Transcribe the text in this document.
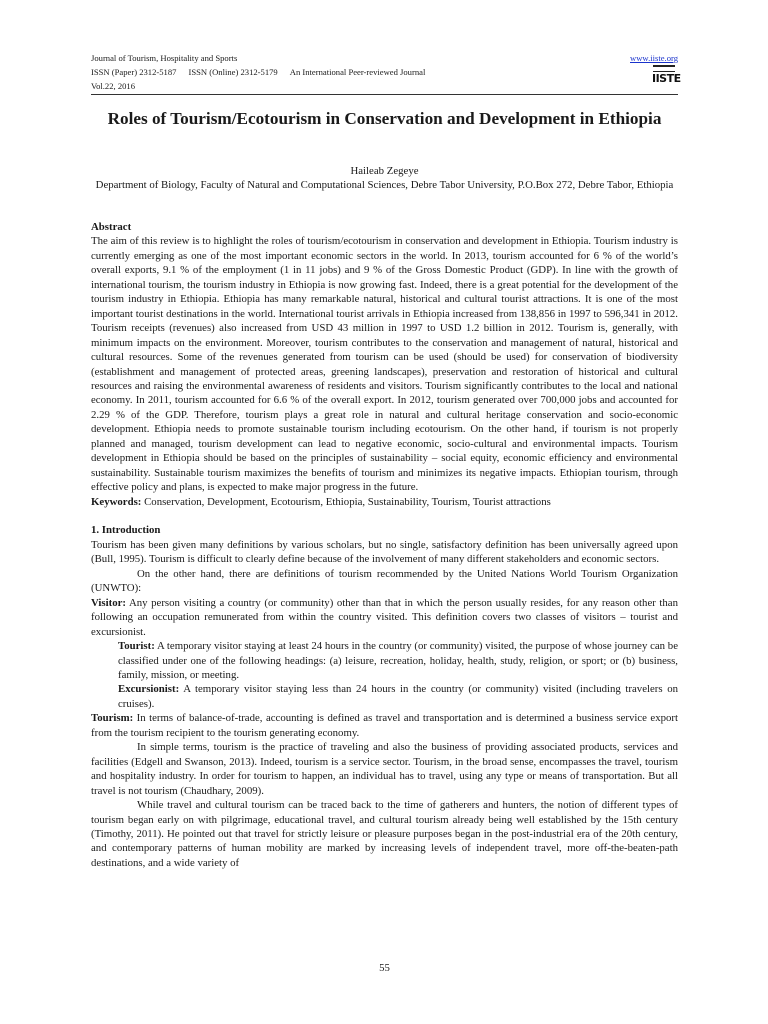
Journal of Tourism, Hospitality and Sports
ISSN (Paper) 2312-5187 ISSN (Online) 2312-5179 An International Peer-reviewed Journal
Vol.22, 2016
www.iiste.org
IISTE
Roles of Tourism/Ecotourism in Conservation and Development in Ethiopia
Haileab Zegeye
Department of Biology, Faculty of Natural and Computational Sciences, Debre Tabor University, P.O.Box 272, Debre Tabor, Ethiopia
Abstract

The aim of this review is to highlight the roles of tourism/ecotourism in conservation and development in Ethiopia. Tourism industry is currently emerging as one of the most important economic sectors in the world. In 2013, tourism accounted for 6 % of the world’s overall exports, 9.1 % of the employment (1 in 11 jobs) and 9 % of the Gross Domestic Product (GDP). In line with the growth of international tourism, the tourism industry in Ethiopia is now growing fast. Indeed, there is a great potential for the development of the tourism industry in Ethiopia. Ethiopia has many remarkable natural, historical and cultural tourist attractions. It is one of the most important tourist destinations in the world. International tourist arrivals in Ethiopia increased from 138,856 in 1997 to 596,341 in 2012. Tourism receipts (revenues) also increased from USD 43 million in 1997 to USD 1.2 billion in 2012. Tourism is, generally, with minimum impacts on the environment. Moreover, tourism contributes to the conservation and management of natural, historical and cultural resources. Some of the revenues generated from tourism can be used (should be used) for conservation of biodiversity (establishment and management of protected areas, greening landscapes), preservation and restoration of historical and cultural resources and raising the environmental awareness of residents and visitors. Tourism significantly contributes to the local and national economy. In 2011, tourism accounted for 6.6 % of the overall export. In 2012, tourism generated over 700,000 jobs and accounted for 2.29 % of the GDP. Therefore, tourism plays a great role in natural and cultural heritage conservation and socio-economic development. Ethiopia needs to promote sustainable tourism including ecotourism. On the other hand, if tourism is not properly planned and managed, tourism development can lead to negative economic, socio-cultural and environmental impacts. Tourism development in Ethiopia should be based on the principles of sustainability – social equity, economic efficiency and environmental sustainability. Sustainable tourism maximizes the benefits of tourism and minimizes its negative impacts. Ethiopian tourism, through effective policy and plans, is expected to make major progress in the future.

Keywords: Conservation, Development, Ecotourism, Ethiopia, Sustainability, Tourism, Tourist attractions

1. Introduction

Tourism has been given many definitions by various scholars, but no single, satisfactory definition has been universally agreed upon (Bull, 1995). Tourism is difficult to clearly define because of the involvement of many different stakeholders and economic sectors.

On the other hand, there are definitions of tourism recommended by the United Nations World Tourism Organization (UNWTO):

Visitor: Any person visiting a country (or community) other than that in which the person usually resides, for any reason other than following an occupation remunerated from within the country visited. This definition covers two classes of visitors – tourist and excursionist.

Tourist: A temporary visitor staying at least 24 hours in the country (or community) visited, the purpose of whose journey can be classified under one of the following headings: (a) leisure, recreation, holiday, health, study, religion, or sport; or (b) business, family, mission, or meeting.

Excursionist: A temporary visitor staying less than 24 hours in the country (or community) visited (including travelers on cruises).

Tourism: In terms of balance-of-trade, accounting is defined as travel and transportation and is determined a business service export from the tourism recipient to the tourism generating economy.

In simple terms, tourism is the practice of traveling and also the business of providing associated products, services and facilities (Edgell and Swanson, 2013). Indeed, tourism is a service sector. Tourism, in the broad sense, encompasses the travel, tourism and hospitality industry. In order for tourism to happen, an individual has to travel, using any type or means of transportation. But all travel is not tourism (Chaudhary, 2009).

While travel and cultural tourism can be traced back to the time of gatherers and hunters, the notion of different types of tourism began early on with pilgrimage, educational travel, and cultural tourism already being well established by the 15th century (Timothy, 2011). He pointed out that travel for strictly leisure or pleasure purposes began in the post-industrial era of the 20th century, and contemporary patterns of human mobility are marked by increasing levels of independent travel, more off-the-beaten-path destinations, and a wide variety of

55
